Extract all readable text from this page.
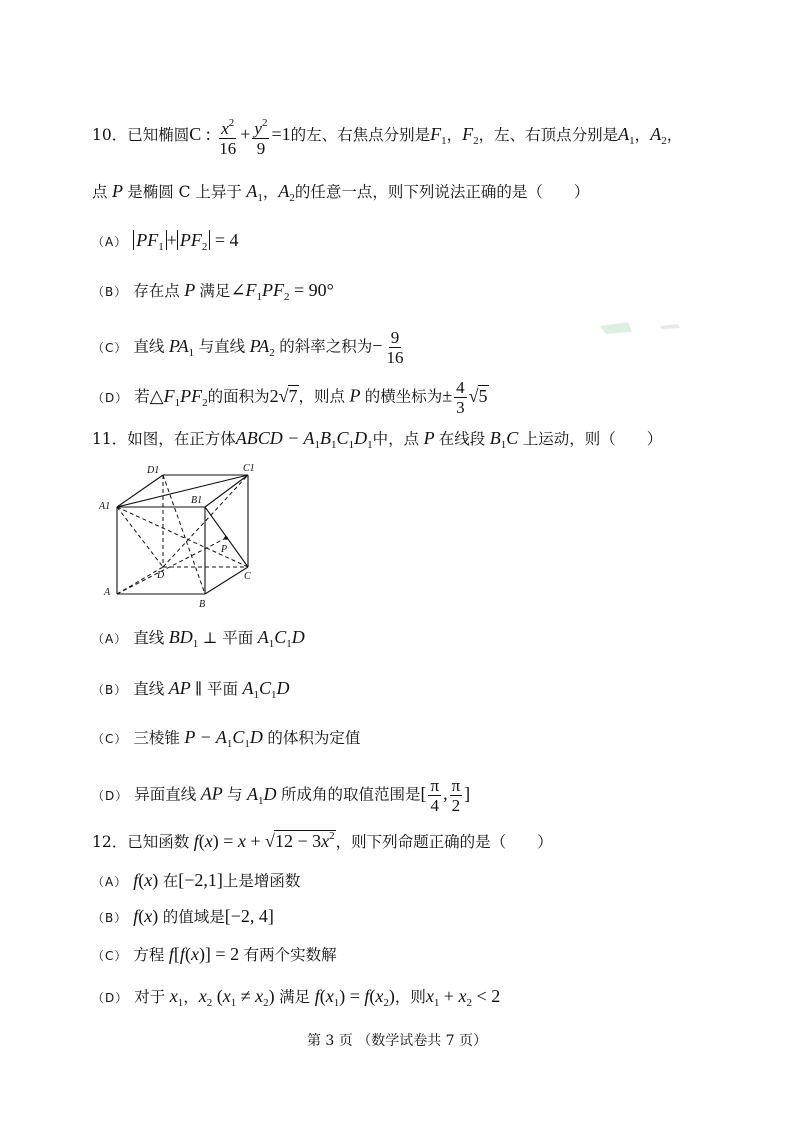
10．已知椭圆C : $\frac{x^2}{16} + \frac{y^2}{9} =1$的左、右焦点分别是$F_1$，$F_2$，左、右顶点分别是$A_1$，$A_2$，
点 P 是椭圆 C 上异于 $A_1$，$A_2$的任意一点，则下列说法正确的是（　　）
（A） $PF_1 + PF_2 = 4$
（B） 存在点 P 满足$\angle F_1PF_2 = 90^\circ$
（C） 直线 $PA_1$ 与直线 $PA_2$ 的斜率之积为− $\frac{9}{16}$
（D） 若$\triangle F_1PF_2$的面积为2√7，则点 P 的横坐标为± $\frac{4}{3} √5$
11．如图，在正方体ABCD − $A_1B_1C_1D_1$中，点 P 在线段 $B_1C$ 上运动，则（　　）
D1	C1
B1
A1
P
D	C
A
B
（A） 直线 $BD_1$ ⊥ 平面 $A_1C_1D$
（B） 直线 AP ∥ 平面 $A_1C_1D$
（C） 三棱锥 $P - A_1C_1D$ 的体积为定值
（D） 异面直线 AP 与 $A_1D$ 所成角的取值范围是[ $\frac{\pi}{4}$ , $\frac{\pi}{2}$ ]
12．已知函数 $f(x) = x + √12 - 3x^2$，则下列命题正确的是（　　）
（A） f(x) 在[−2,1]上是增函数
（B） f(x) 的值域是[−2, 4]
（C） 方程 f[f(x)] = 2 有两个实数解
（D） 对于 $x_1$，$x_2$ $(x_1 \ne x_2)$ 满足 $f(x_1) = f(x_2)$，则$x_1 + x_2 < 2$
第 3 页 （数学试卷共 7 页）
